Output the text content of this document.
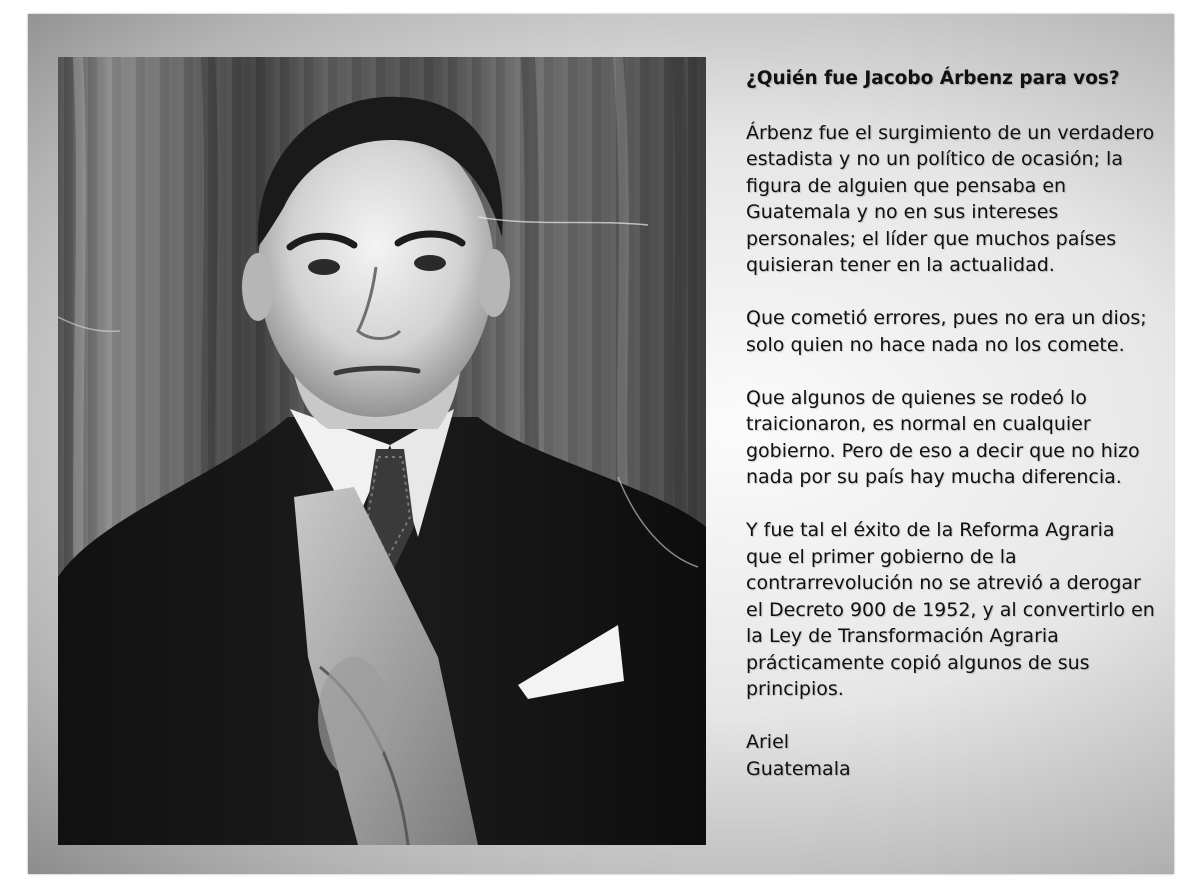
¿Quién fue Jacobo Árbenz para vos?

Árbenz fue el surgimiento de un verdadero estadista y no un político de ocasión; la figura de alguien que pensaba en Guatemala y no en sus intereses personales; el líder que muchos países quisieran tener en la actualidad.

Que cometió errores, pues no era un dios; solo quien no hace nada no los comete.

Que algunos de quienes se rodeó lo traicionaron, es normal en cualquier gobierno. Pero de eso a decir que no hizo nada por su país hay mucha diferencia.

Y fue tal el éxito de la Reforma Agraria que el primer gobierno de la contrarrevolución no se atrevió a derogar el Decreto 900 de 1952, y al convertirlo en la Ley de Transformación Agraria prácticamente copió algunos de sus principios.

Ariel

Guatemala
